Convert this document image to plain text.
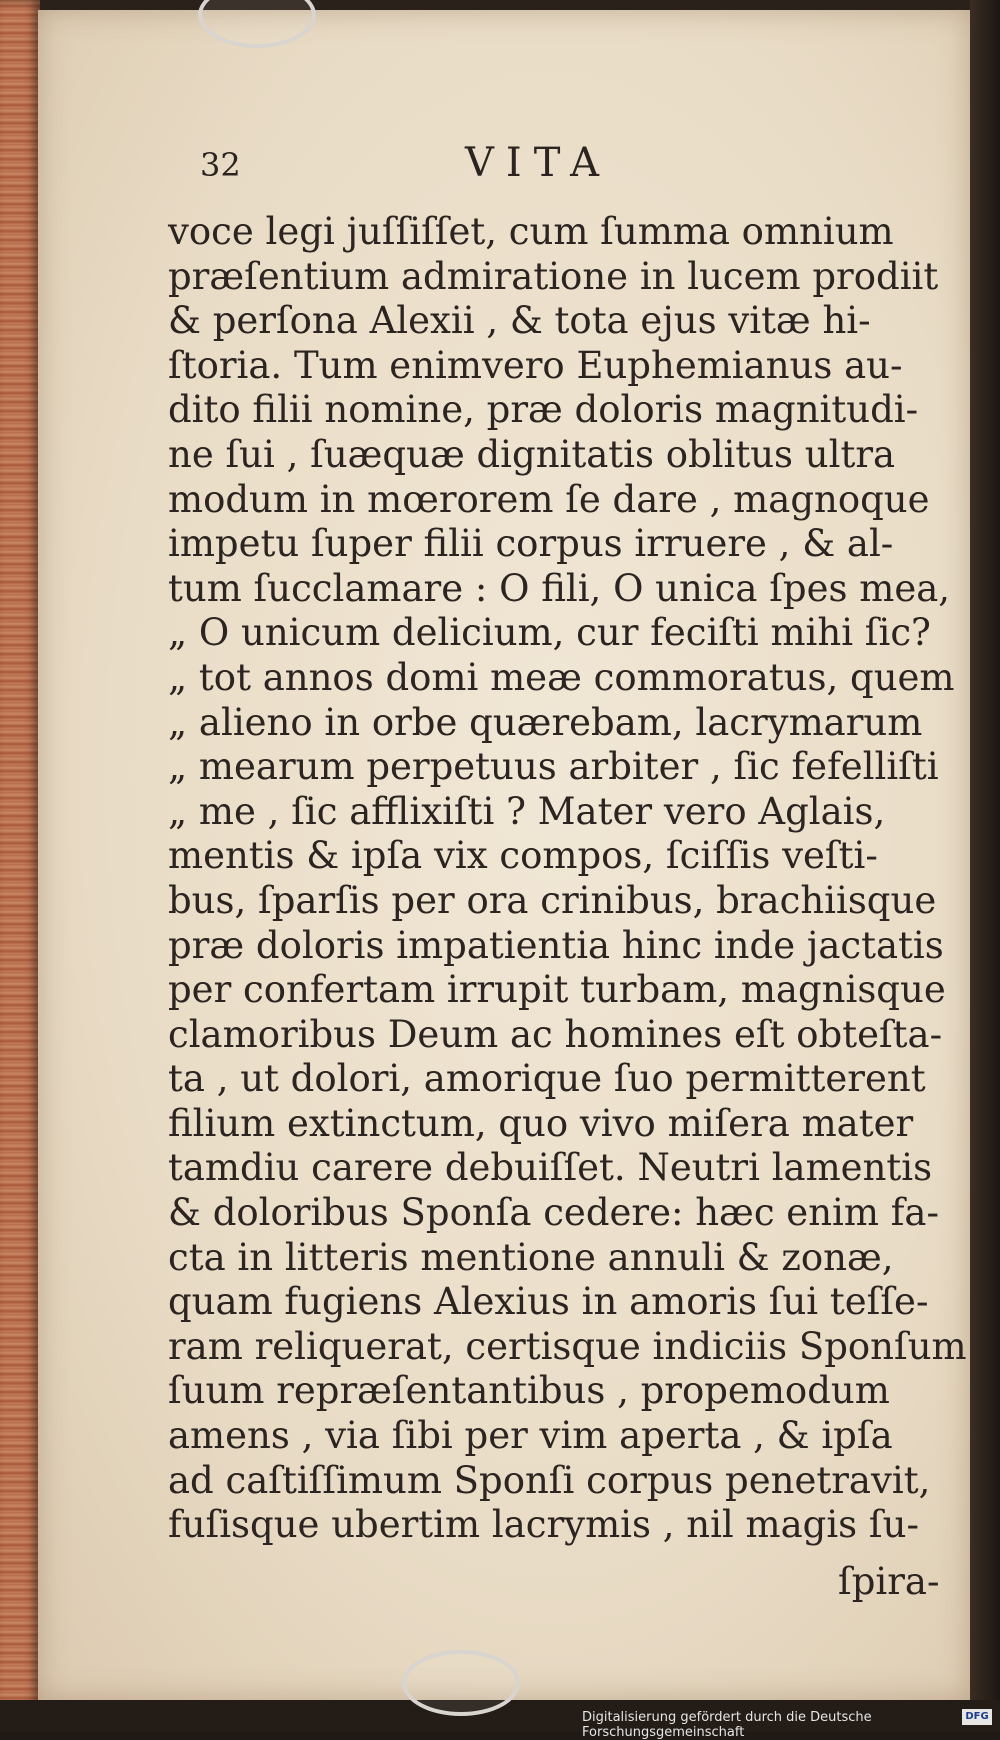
32	VITA
voce legi juſſiſſet, cum ſumma omnium
præſentium admiratione in lucem prodiit
& perſona Alexii , & tota ejus vitæ hi-
ſtoria. Tum enimvero Euphemianus au-
dito filii nomine, præ doloris magnitudi-
ne ſui , ſuæquæ dignitatis oblitus ultra
modum in mœrorem ſe dare , magnoque
impetu ſuper filii corpus irruere , & al-
tum ſucclamare : O fili, O unica ſpes mea,
„ O unicum delicium, cur feciſti mihi ſic?
„ tot annos domi meæ commoratus, quem
„ alieno in orbe quærebam, lacrymarum
„ mearum perpetuus arbiter , ſic fefelliſti
„ me , ſic afflixiſti ? Mater vero Aglais,
mentis & ipſa vix compos, ſciſſis veſti-
bus, ſparſis per ora crinibus, brachiisque
præ doloris impatientia hinc inde jactatis
per confertam irrupit turbam, magnisque
clamoribus Deum ac homines eſt obteſta-
ta , ut dolori, amorique ſuo permitterent
filium extinctum, quo vivo miſera mater
tamdiu carere debuiſſet. Neutri lamentis
& doloribus Sponſa cedere: hæc enim fa-
cta in litteris mentione annuli & zonæ,
quam fugiens Alexius in amoris ſui teſſe-
ram reliquerat, certisque indiciis Sponſum
ſuum repræſentantibus , propemodum
amens , via ſibi per vim aperta , & ipſa
ad caſtiſſimum Sponſi corpus penetravit,
fuſisque ubertim lacrymis , nil magis ſu-
ſpira-
Digitalisierung gefördert durch die Deutsche Forschungsgemeinschaft
DFG
